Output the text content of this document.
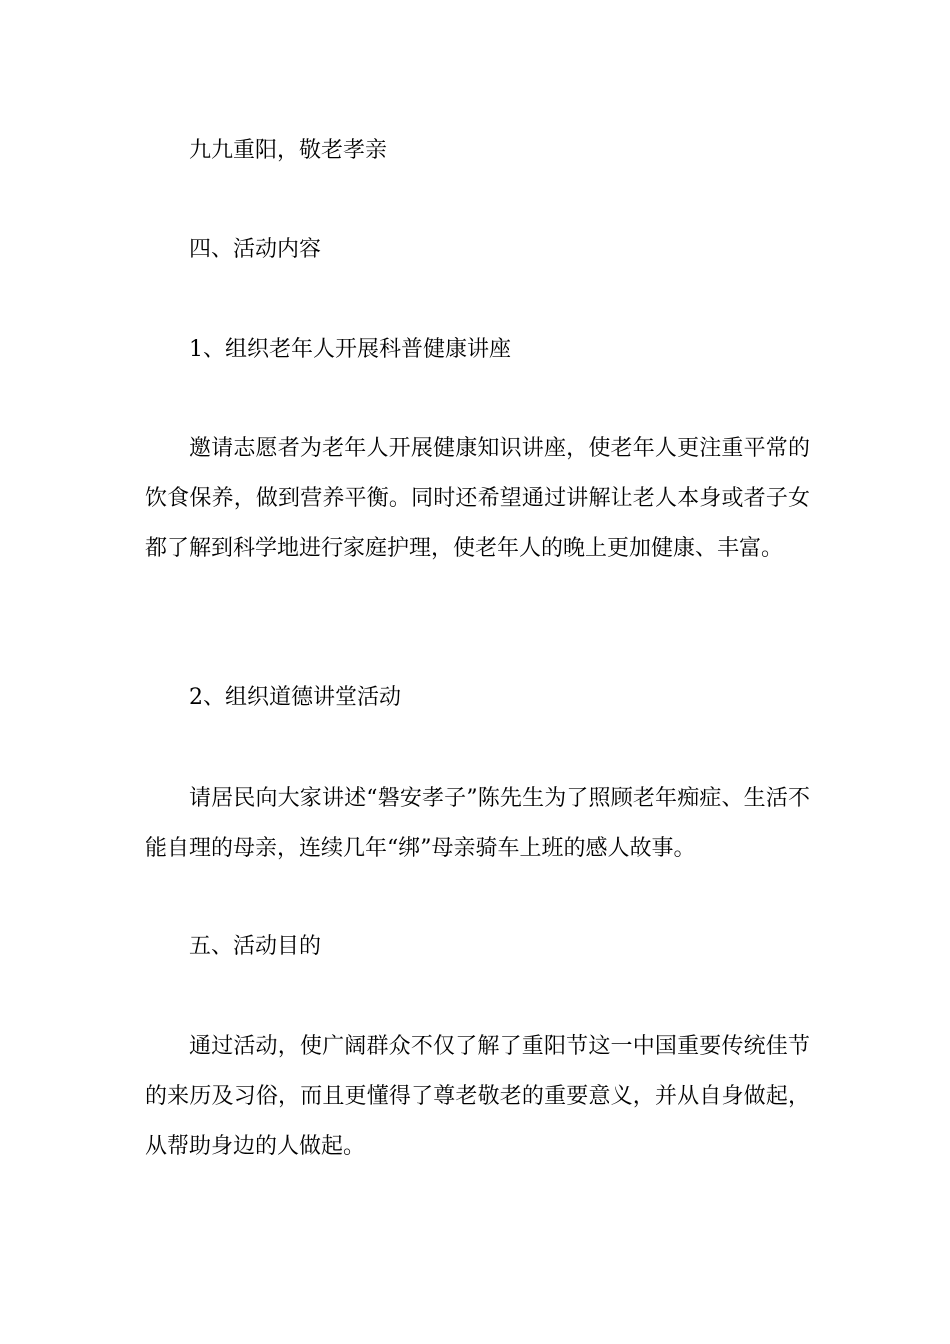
九九重阳，敬老孝亲
四、活动内容
1、组织老年人开展科普健康讲座
邀请志愿者为老年人开展健康知识讲座，使老年人更注重平常的饮食保养，做到营养平衡。同时还希望通过讲解让老人本身或者子女都了解到科学地进行家庭护理，使老年人的晚上更加健康、丰富。
2、组织道德讲堂活动
请居民向大家讲述“磐安孝子”陈先生为了照顾老年痴症、生活不能自理的母亲，连续几年“绑”母亲骑车上班的感人故事。
五、活动目的
通过活动，使广阔群众不仅了解了重阳节这一中国重要传统佳节的来历及习俗，而且更懂得了尊老敬老的重要意义，并从自身做起，从帮助身边的人做起。
